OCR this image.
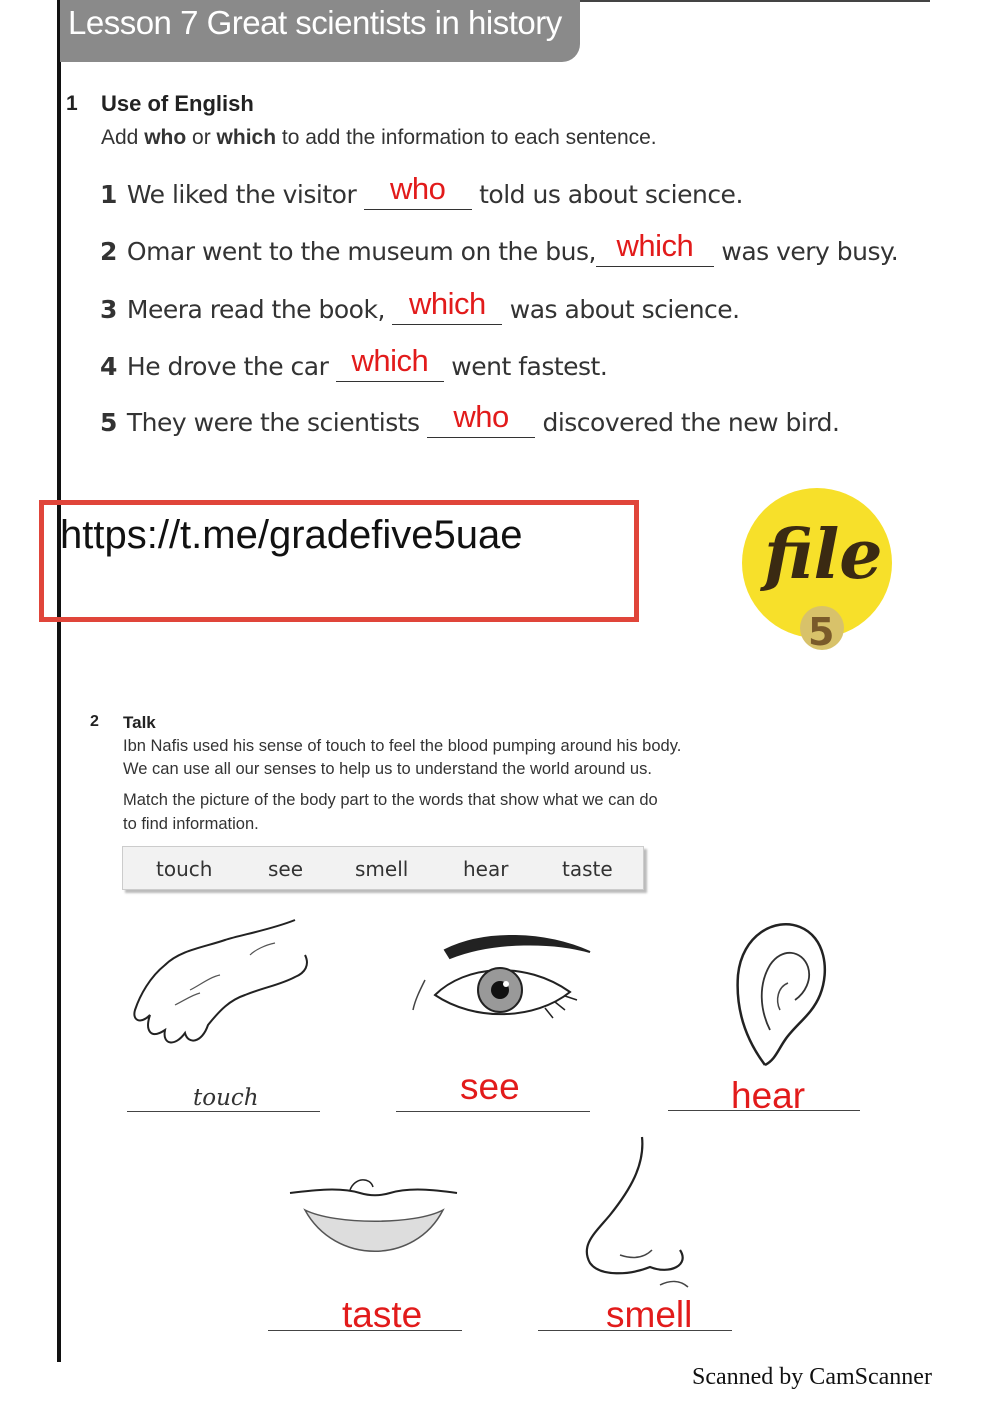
Lesson 7 Great scientists in history
1 Use of English
Add who or which to add the information to each sentence.
1 We liked the visitor who	told us about science.
2 Omar went to the museum on the bus, which was very busy.
3 Meera read the book, which was about science.
4 He drove the car which went fastest.
5 They were the scientists who	discovered the new bird.
https://t.me/gradefive5uae	file
5
2 Talk
Ibn Nafis used his sense of touch to feel the blood pumping around his body.
We can use all our senses to help us to understand the world around us.
Match the picture of the body part to the words that show what we can do
to find information.
touch	see	smell	hear	taste
touch	see	hear
taste	smell
Scanned by CamScanner
